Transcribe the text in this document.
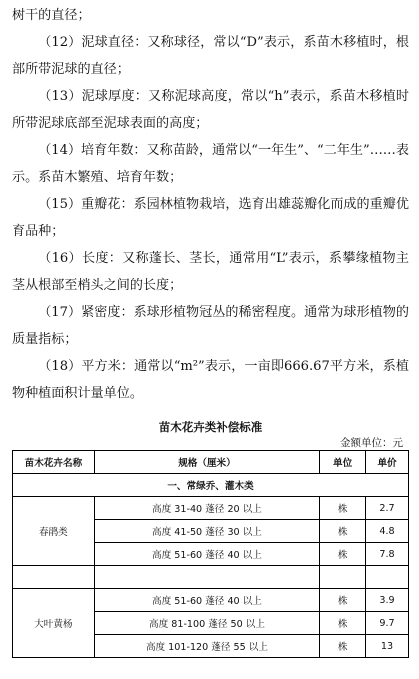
树干的直径；

（12）泥球直径：又称球径，常以“D”表示，系苗木移植时，根部所带泥球的直径；

（13）泥球厚度：又称泥球高度，常以“h”表示，系苗木移植时所带泥球底部至泥球表面的高度；

（14）培育年数：又称苗龄，通常以“一年生”、“二年生”……表示。系苗木繁殖、培育年数；

（15）重瓣花：系园林植物栽培，选育出雄蕊瓣化而成的重瓣优育品种；

（16）长度：又称蓬长、茎长，通常用“L”表示，系攀缘植物主茎从根部至梢头之间的长度；

（17）紧密度：系球形植物冠丛的稀密程度。通常为球形植物的质量指标；

（18）平方米：通常以“m²”表示，一亩即666.67平方米，系植物种植面积计量单位。

苗木花卉类补偿标准
金额单位：元
苗木花卉名称	规格（厘米）	单位	单价
一、常绿乔、灌木类			
春鹃类	高度 31-40 蓬径 20 以上	株	2.7
	高度 41-50 蓬径 30 以上	株	4.8
	高度 51-60 蓬径 40 以上	株	7.8

大叶黄杨	高度 51-60 蓬径 40 以上	株	3.9
	高度 81-100 蓬径 50 以上	株	9.7
	高度 101-120 蓬径 55 以上	株	13
